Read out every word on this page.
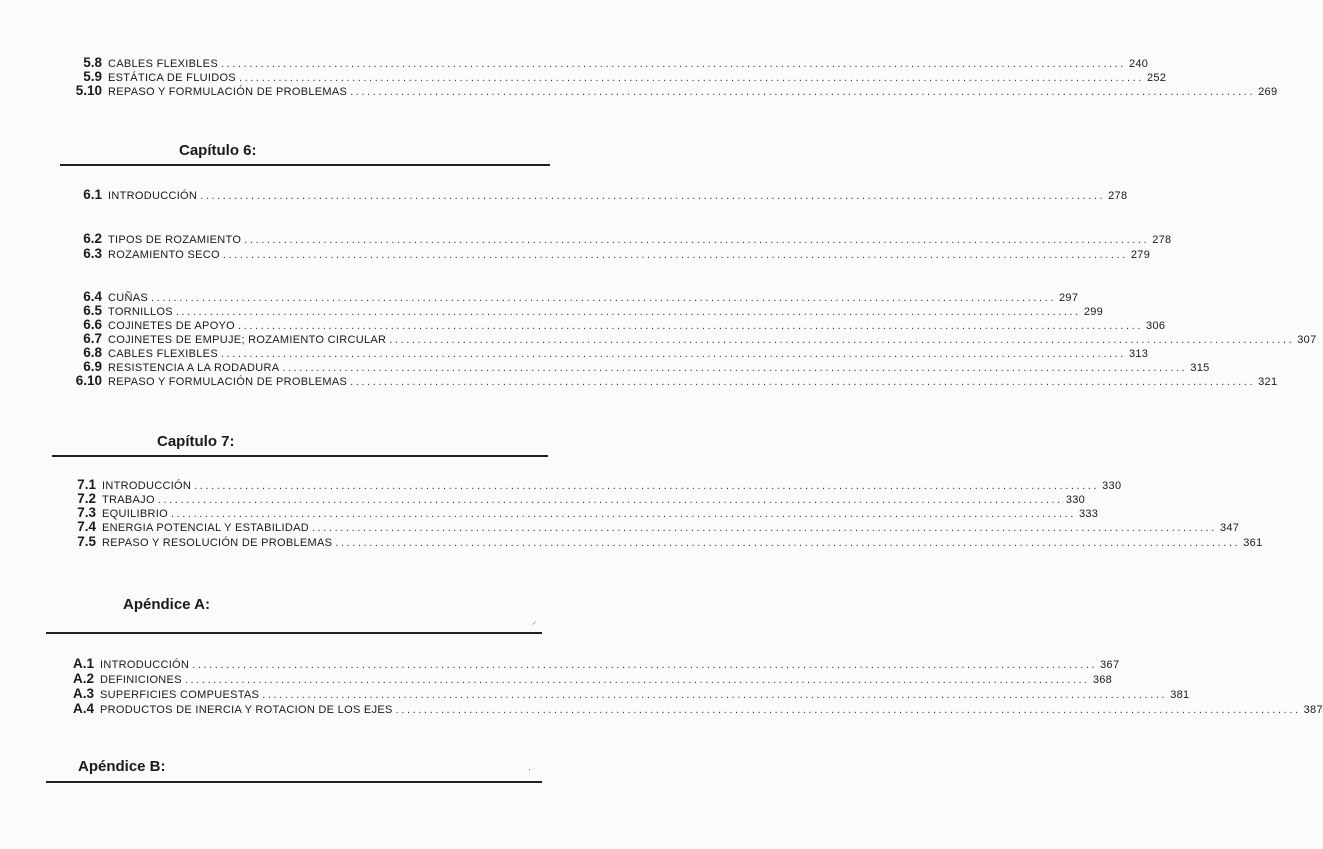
5.8 CABLES FLEXIBLES ................................................................................................................................................................ 240
5.9 ESTÁTICA DE FLUIDOS ................................................................................................................................................................ 252
5.10 REPASO Y FORMULACIÓN DE PROBLEMAS ................................................................................................................................................................ 269
Capítulo 6:
6.1 INTRODUCCIÓN ................................................................................................................................................................ 278
6.2 TIPOS DE ROZAMIENTO ................................................................................................................................................................ 278
6.3 ROZAMIENTO SECO ................................................................................................................................................................ 279
6.4 CUÑAS ................................................................................................................................................................ 297
6.5 TORNILLOS ................................................................................................................................................................ 299
6.6 COJINETES DE APOYO ................................................................................................................................................................ 306
6.7 COJINETES DE EMPUJE; ROZAMIENTO CIRCULAR ................................................................................................................................................................ 307
6.8 CABLES FLEXIBLES ................................................................................................................................................................ 313
6.9 RESISTENCIA A LA RODADURA ................................................................................................................................................................ 315
6.10 REPASO Y FORMULACIÓN DE PROBLEMAS ................................................................................................................................................................ 321
Capítulo 7:
7.1 INTRODUCCIÓN ................................................................................................................................................................ 330
7.2 TRABAJO ................................................................................................................................................................ 330
7.3 EQUILIBRIO ................................................................................................................................................................ 333
7.4 ENERGIA POTENCIAL Y ESTABILIDAD ................................................................................................................................................................ 347
7.5 REPASO Y RESOLUCIÓN DE PROBLEMAS ................................................................................................................................................................ 361
Apéndice A:
⸝
A.1 INTRODUCCIÓN ................................................................................................................................................................ 367
A.2 DEFINICIONES ................................................................................................................................................................ 368
A.3 SUPERFICIES COMPUESTAS ................................................................................................................................................................ 381
A.4 PRODUCTOS DE INERCIA Y ROTACION DE LOS EJES ................................................................................................................................................................ 387
Apéndice B:	·
